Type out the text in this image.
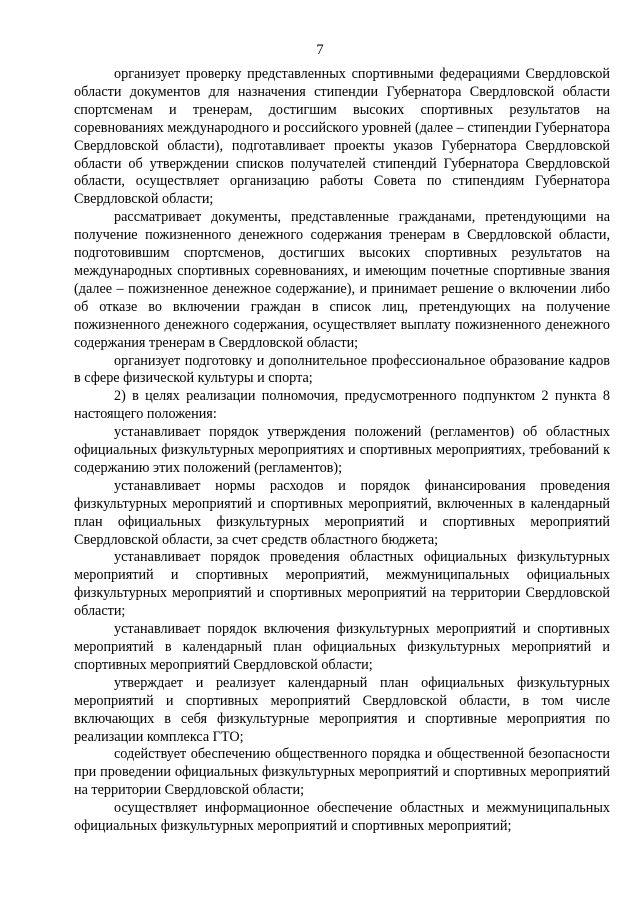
7

организует проверку представленных спортивными федерациями Свердловской области документов для назначения стипендии Губернатора Свердловской области спортсменам и тренерам, достигшим высоких спортивных результатов на соревнованиях международного и российского уровней (далее – стипендии Губернатора Свердловской области), подготавливает проекты указов Губернатора Свердловской области об утверждении списков получателей стипендий Губернатора Свердловской области, осуществляет организацию работы Совета по стипендиям Губернатора Свердловской области;

рассматривает документы, представленные гражданами, претендующими на получение пожизненного денежного содержания тренерам в Свердловской области, подготовившим спортсменов, достигших высоких спортивных результатов на международных спортивных соревнованиях, и имеющим почетные спортивные звания (далее – пожизненное денежное содержание), и принимает решение о включении либо об отказе во включении граждан в список лиц, претендующих на получение пожизненного денежного содержания, осуществляет выплату пожизненного денежного содержания тренерам в Свердловской области;

организует подготовку и дополнительное профессиональное образование кадров в сфере физической культуры и спорта;

2) в целях реализации полномочия, предусмотренного подпунктом 2 пункта 8 настоящего положения:

устанавливает порядок утверждения положений (регламентов) об областных официальных физкультурных мероприятиях и спортивных мероприятиях, требований к содержанию этих положений (регламентов);

устанавливает нормы расходов и порядок финансирования проведения физкультурных мероприятий и спортивных мероприятий, включенных в календарный план официальных физкультурных мероприятий и спортивных мероприятий Свердловской области, за счет средств областного бюджета;

устанавливает порядок проведения областных официальных физкультурных мероприятий и спортивных мероприятий, межмуниципальных официальных физкультурных мероприятий и спортивных мероприятий на территории Свердловской области;

устанавливает порядок включения физкультурных мероприятий и спортивных мероприятий в календарный план официальных физкультурных мероприятий и спортивных мероприятий Свердловской области;

утверждает и реализует календарный план официальных физкультурных мероприятий и спортивных мероприятий Свердловской области, в том числе включающих в себя физкультурные мероприятия и спортивные мероприятия по реализации комплекса ГТО;

содействует обеспечению общественного порядка и общественной безопасности при проведении официальных физкультурных мероприятий и спортивных мероприятий на территории Свердловской области;

осуществляет информационное обеспечение областных и межмуниципальных официальных физкультурных мероприятий и спортивных мероприятий;
